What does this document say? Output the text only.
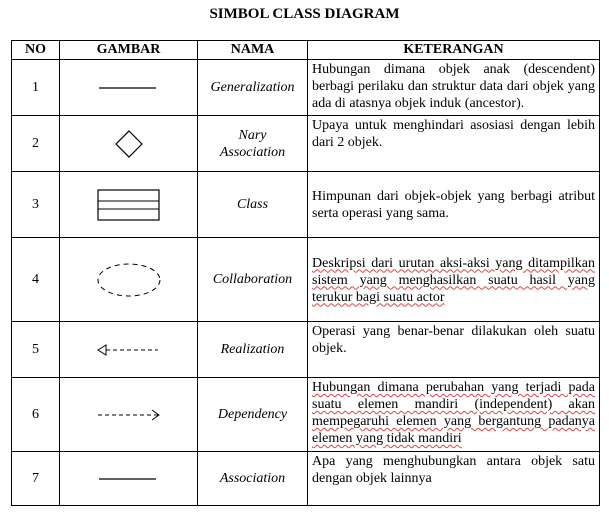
SIMBOL CLASS DIAGRAM
NO	GAMBAR	NAMA	KETERANGAN
1		Generalization	Hubungan dimana objek anak (descendent) berbagi perilaku dan struktur data dari objek yang ada di atasnya objek induk (ancestor).

2		Nary Association	Upaya untuk menghindari asosiasi dengan lebih dari 2 objek.

3		Class	Himpunan dari objek-objek yang berbagi atribut serta operasi yang sama.

4		Collaboration	Deskripsi dari urutan aksi-aksi yang ditampilkan sistem yang menghasilkan suatu hasil yang terukur bagi suatu actor

5		Realization	Operasi yang benar-benar dilakukan oleh suatu objek.

6		Dependency	Hubungan dimana perubahan yang terjadi pada suatu elemen mandiri (independent) akan mempegaruhi elemen yang bergantung padanya elemen yang tidak mandiri

7		Association	Apa yang menghubungkan antara objek satu dengan objek lainnya
